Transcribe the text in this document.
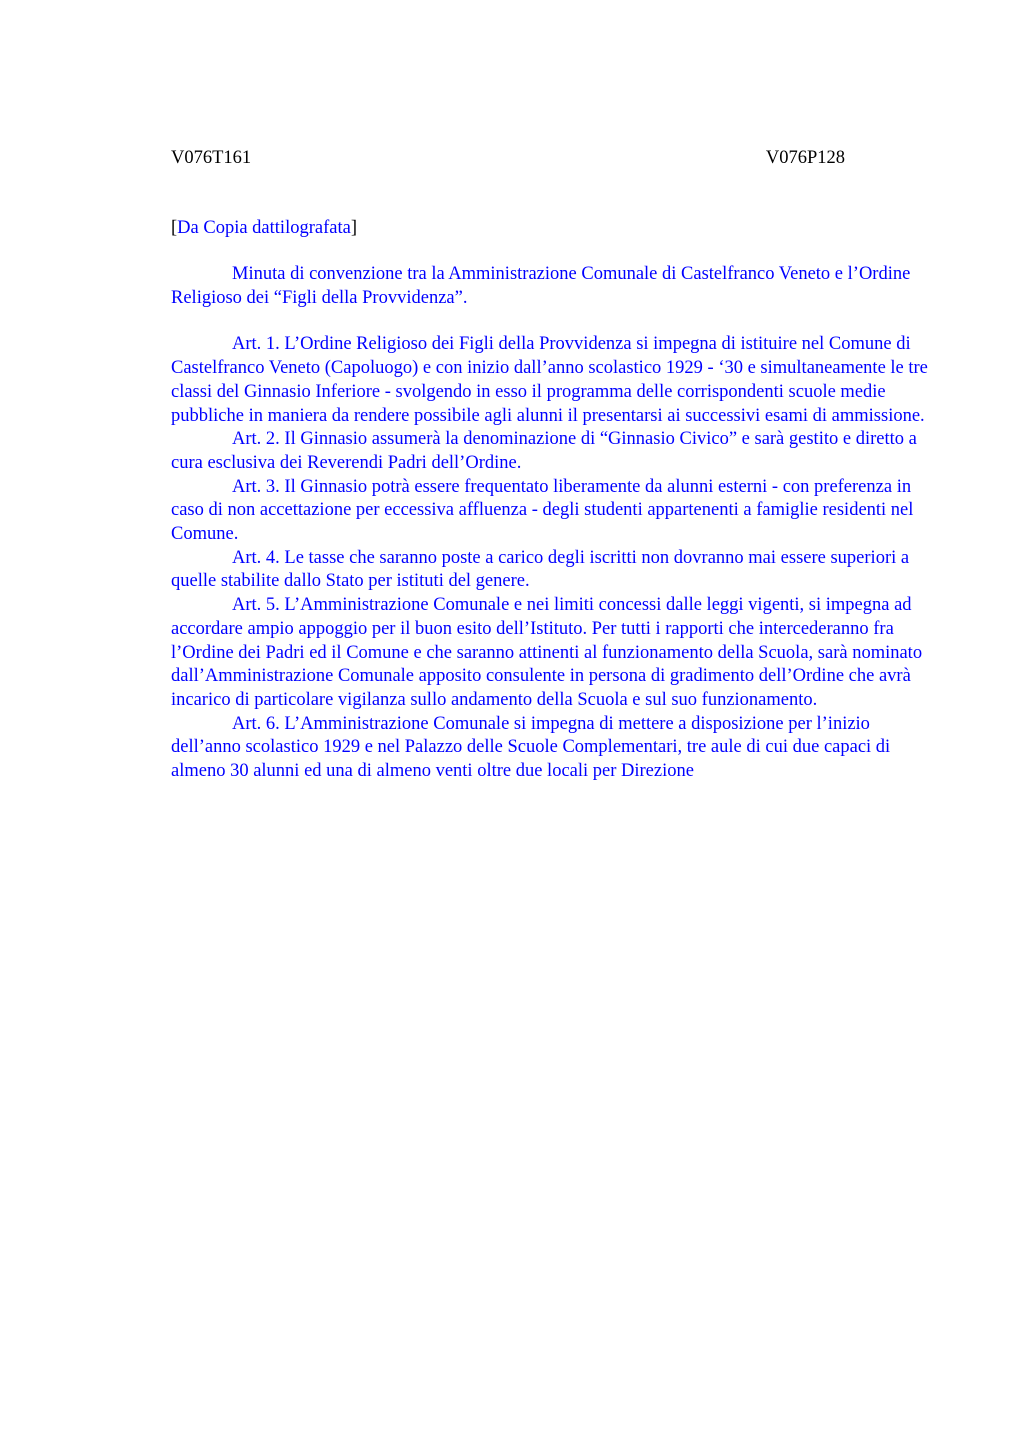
V076T161	V076P128
[Da Copia dattilografata]

Minuta di convenzione tra la Amministrazione Comunale di Castelfranco Veneto e l’Ordine Religioso dei “Figli della Provvidenza”.

Art. 1. L’Ordine Religioso dei Figli della Provvidenza si impegna di istituire nel Comune di Castelfranco Veneto (Capoluogo) e con inizio dall’anno scolastico 1929 - ‘30 e simultaneamente le tre classi del Ginnasio Inferiore - svolgendo in esso il programma delle corrispondenti scuole medie pubbliche in maniera da rendere possibile agli alunni il presentarsi ai successivi esami di ammissione.

Art. 2. Il Ginnasio assumerà la denominazione di “Ginnasio Civico” e sarà gestito e diretto a cura esclusiva dei Reverendi Padri dell’Ordine.

Art. 3. Il Ginnasio potrà essere frequentato liberamente da alunni esterni - con preferenza in caso di non accettazione per eccessiva affluenza - degli studenti appartenenti a famiglie residenti nel Comune.

Art. 4. Le tasse che saranno poste a carico degli iscritti non dovranno mai essere superiori a quelle stabilite dallo Stato per istituti del genere.

Art. 5. L’Amministrazione Comunale e nei limiti concessi dalle leggi vigenti, si impegna ad accordare ampio appoggio per il buon esito dell’Istituto. Per tutti i rapporti che intercederanno fra l’Ordine dei Padri ed il Comune e che saranno attinenti al funzionamento della Scuola, sarà nominato dall’Amministrazione Comunale apposito consulente in persona di gradimento dell’Ordine che avrà incarico di particolare vigilanza sullo andamento della Scuola e sul suo funzionamento.

Art. 6. L’Amministrazione Comunale si impegna di mettere a disposizione per l’inizio dell’anno scolastico 1929 e nel Palazzo delle Scuole Complementari, tre aule di cui due capaci di almeno 30 alunni ed una di almeno venti oltre due locali per Direzione
